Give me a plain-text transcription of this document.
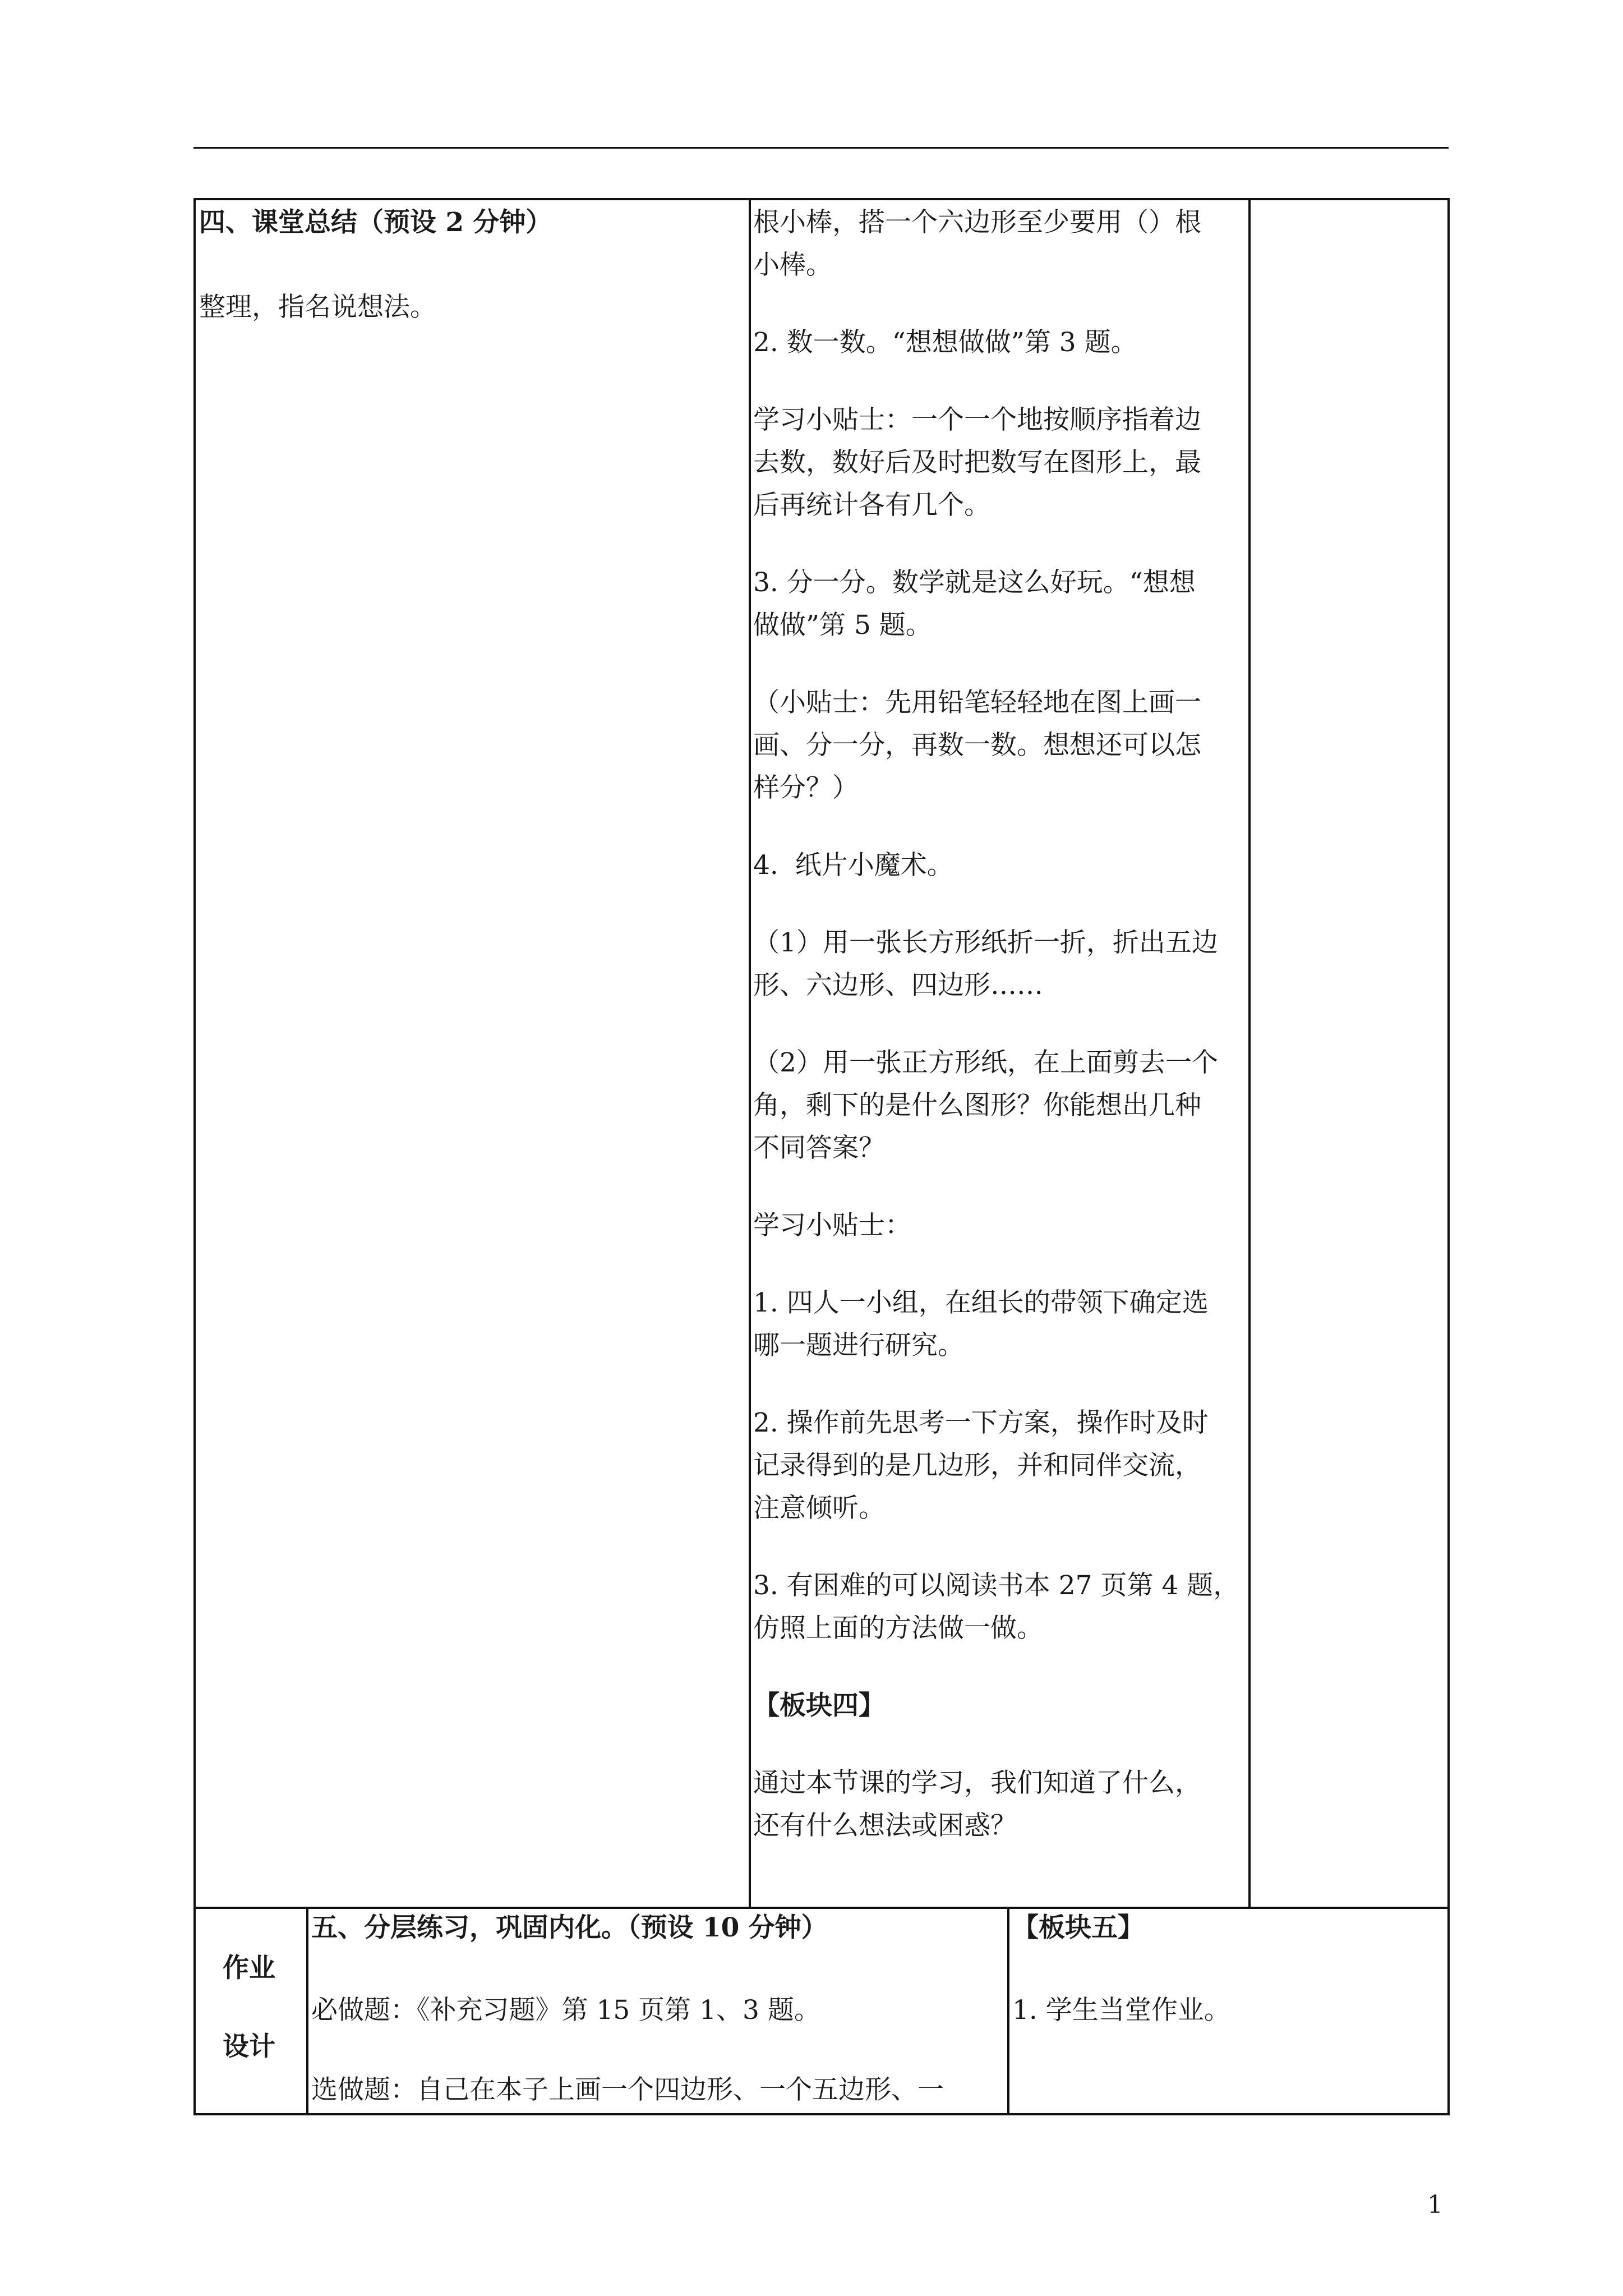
四、课堂总结（预设 2 分钟）

整理，指名说想法。

根小棒，搭一个六边形至少要用（）根

小棒。

2. 数一数。“想想做做”第 3 题。

学习小贴士：一个一个地按顺序指着边

去数，数好后及时把数写在图形上，最

后再统计各有几个。

3. 分一分。数学就是这么好玩。“想想

做做”第 5 题。

（小贴士：先用铅笔轻轻地在图上画一

画、分一分，再数一数。想想还可以怎

样分？）

4.  纸片小魔术。

（1）用一张长方形纸折一折，折出五边

形、六边形、四边形……

（2）用一张正方形纸，在上面剪去一个

角，剩下的是什么图形？你能想出几种

不同答案？

学习小贴士：

1. 四人一小组，在组长的带领下确定选

哪一题进行研究。

2. 操作前先思考一下方案，操作时及时

记录得到的是几边形，并和同伴交流，

注意倾听。

3. 有困难的可以阅读书本 27 页第 4 题，

仿照上面的方法做一做。

【板块四】

通过本节课的学习，我们知道了什么，

还有什么想法或困惑？

作业

设计

五、分层练习，巩固内化。（预设 10 分钟）

必做题：《补充习题》第 15 页第 1、3 题。

选做题：自己在本子上画一个四边形、一个五边形、一

【板块五】

1. 学生当堂作业。

1
